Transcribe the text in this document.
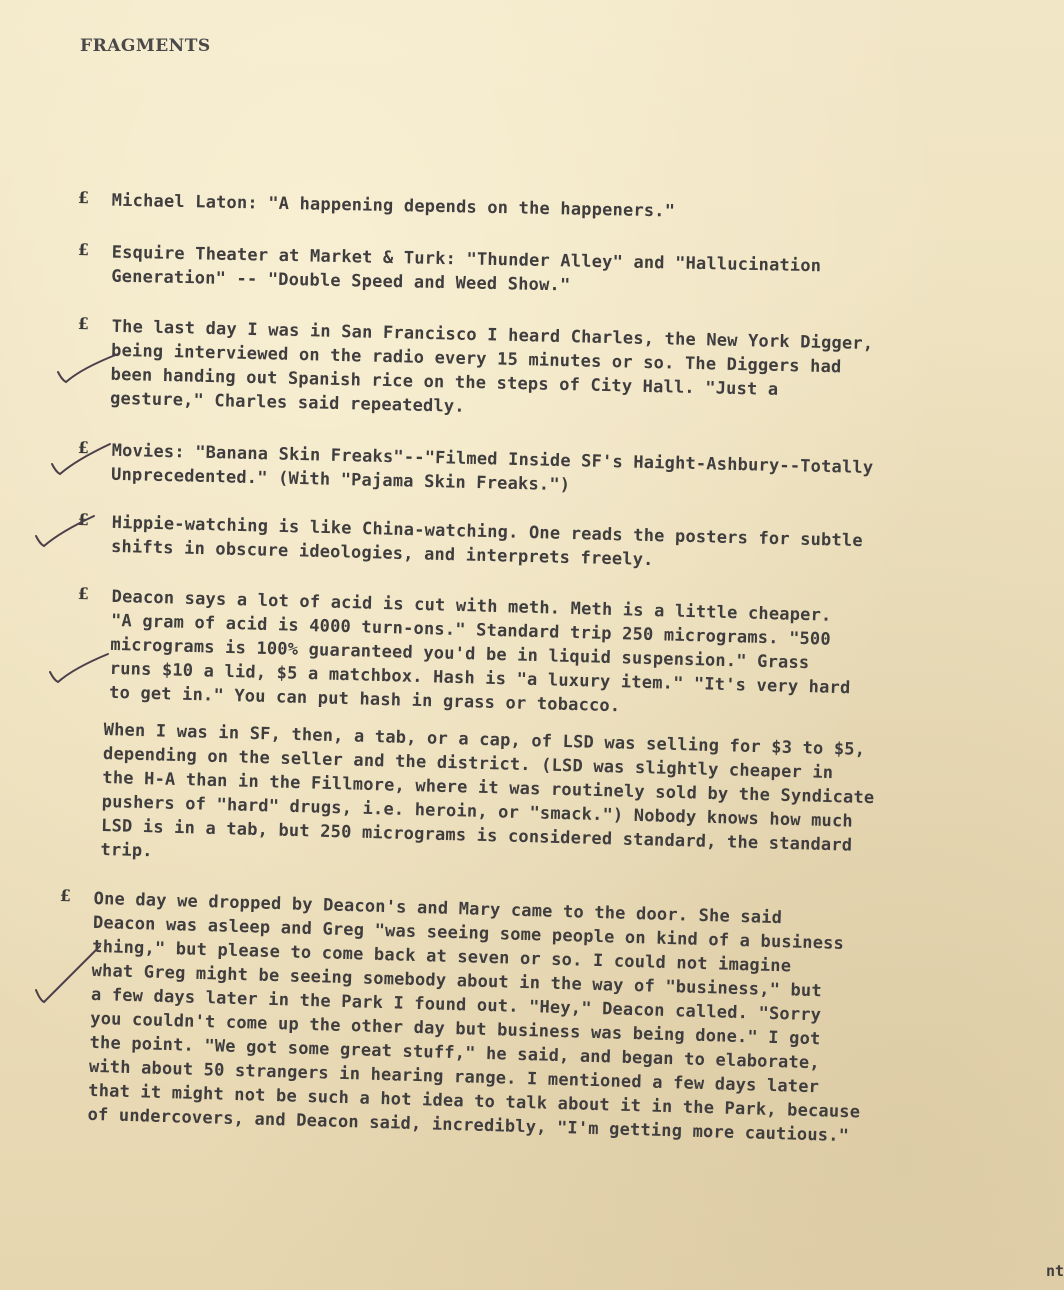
FRAGMENTS
£ Michael Laton: "A happening depends on the happeners."
£ Esquire Theater at Market & Turk: "Thunder Alley" and "Hallucination
Generation" -- "Double Speed and Weed Show."
£ The last day I was in San Francisco I heard Charles, the New York Digger,
being interviewed on the radio every 15 minutes or so. The Diggers had
been handing out Spanish rice on the steps of City Hall. "Just a
gesture," Charles said repeatedly.
£ Movies: "Banana Skin Freaks"--"Filmed Inside SF's Haight-Ashbury--Totally
Unprecedented." (With "Pajama Skin Freaks.")
£ Hippie-watching is like China-watching. One reads the posters for subtle
shifts in obscure ideologies, and interprets freely.
£ Deacon says a lot of acid is cut with meth. Meth is a little cheaper.
"A gram of acid is 4000 turn-ons." Standard trip 250 micrograms. "500
micrograms is 100% guaranteed you'd be in liquid suspension." Grass
runs $10 a lid, $5 a matchbox. Hash is "a luxury item." "It's very hard
to get in." You can put hash in grass or tobacco.
When I was in SF, then, a tab, or a cap, of LSD was selling for $3 to $5,
depending on the seller and the district. (LSD was slightly cheaper in
the H-A than in the Fillmore, where it was routinely sold by the Syndicate
pushers of "hard" drugs, i.e. heroin, or "smack.") Nobody knows how much
LSD is in a tab, but 250 micrograms is considered standard, the standard
trip.
£	One day we dropped by Deacon's and Mary came to the door. She said
Deacon was asleep and Greg "was seeing some people on kind of a business
thing," but please to come back at seven or so. I could not imagine
what Greg might be seeing somebody about in the way of "business," but
a few days later in the Park I found out. "Hey," Deacon called. "Sorry
you couldn't come up the other day but business was being done." I got
the point. "We got some great stuff," he said, and began to elaborate,
with about 50 strangers in hearing range. I mentioned a few days later
that it might not be such a hot idea to talk about it in the Park, because
of undercovers, and Deacon said, incredibly, "I'm getting more cautious."
nt
